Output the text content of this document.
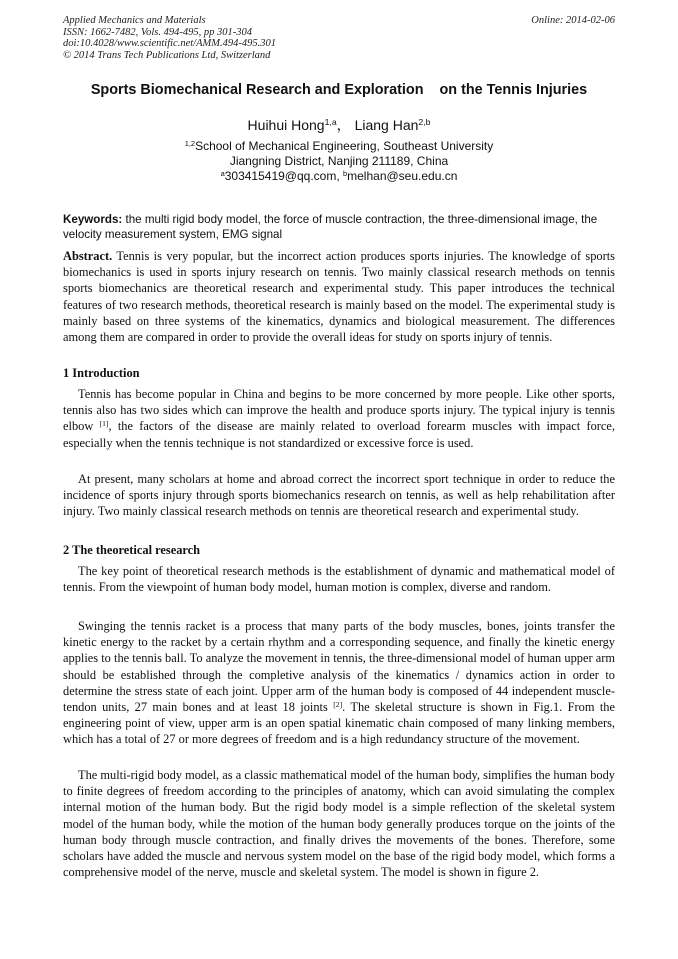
Applied Mechanics and Materials
ISSN: 1662-7482, Vols. 494-495, pp 301-304
doi:10.4028/www.scientific.net/AMM.494-495.301
© 2014 Trans Tech Publications Ltd, Switzerland
Online: 2014-02-06
Sports Biomechanical Research and Exploration    on the Tennis Injuries
Huihui Hong$^{1,a}$， Liang Han$^{2,b}$
$^{1,2}$School of Mechanical Engineering, Southeast University
Jiangning District, Nanjing 211189, China
$^a$303415419@qq.com, $^b$melhan@seu.edu.cn
Keywords: the multi rigid body model, the force of muscle contraction, the three-dimensional image, the velocity measurement system, EMG signal
Abstract. Tennis is very popular, but the incorrect action produces sports injuries. The knowledge of sports biomechanics is used in sports injury research on tennis. Two mainly classical research methods on tennis sports biomechanics are theoretical research and experimental study. This paper introduces the technical features of two research methods, theoretical research is mainly based on the model. The experimental study is mainly based on three systems of the kinematics, dynamics and biological measurement. The differences among them are compared in order to provide the overall ideas for study on sports injury of tennis.
1 Introduction
Tennis has become popular in China and begins to be more concerned by more people. Like other sports, tennis also has two sides which can improve the health and produce sports injury. The typical injury is tennis elbow [1], the factors of the disease are mainly related to overload forearm muscles with impact force, especially when the tennis technique is not standardized or excessive force is used.
At present, many scholars at home and abroad correct the incorrect sport technique in order to reduce the incidence of sports injury through sports biomechanics research on tennis, as well as help rehabilitation after injury. Two mainly classical research methods on tennis are theoretical research and experimental study.
2 The theoretical research
The key point of theoretical research methods is the establishment of dynamic and mathematical model of tennis. From the viewpoint of human body model, human motion is complex, diverse and random.
Swinging the tennis racket is a process that many parts of the body muscles, bones, joints transfer the kinetic energy to the racket by a certain rhythm and a corresponding sequence, and finally the kinetic energy applies to the tennis ball. To analyze the movement in tennis, the three-dimensional model of human upper arm should be established through the completive analysis of the kinematics / dynamics action in order to determine the stress state of each joint. Upper arm of the human body is composed of 44 independent muscle-tendon units, 27 main bones and at least 18 joints [2]. The skeletal structure is shown in Fig.1. From the engineering point of view, upper arm is an open spatial kinematic chain composed of many linking members, which has a total of 27 or more degrees of freedom and is a high redundancy structure of the movement.
The multi-rigid body model, as a classic mathematical model of the human body, simplifies the human body to finite degrees of freedom according to the principles of anatomy, which can avoid simulating the complex internal motion of the human body. But the rigid body model is a simple reflection of the skeletal system model of the human body, while the motion of the human body generally produces torque on the joints of the human body through muscle contraction, and finally drives the movements of the bones. Therefore, some scholars have added the muscle and nervous system model on the base of the rigid body model, which forms a comprehensive model of the nerve, muscle and skeletal system. The model is shown in figure 2.
